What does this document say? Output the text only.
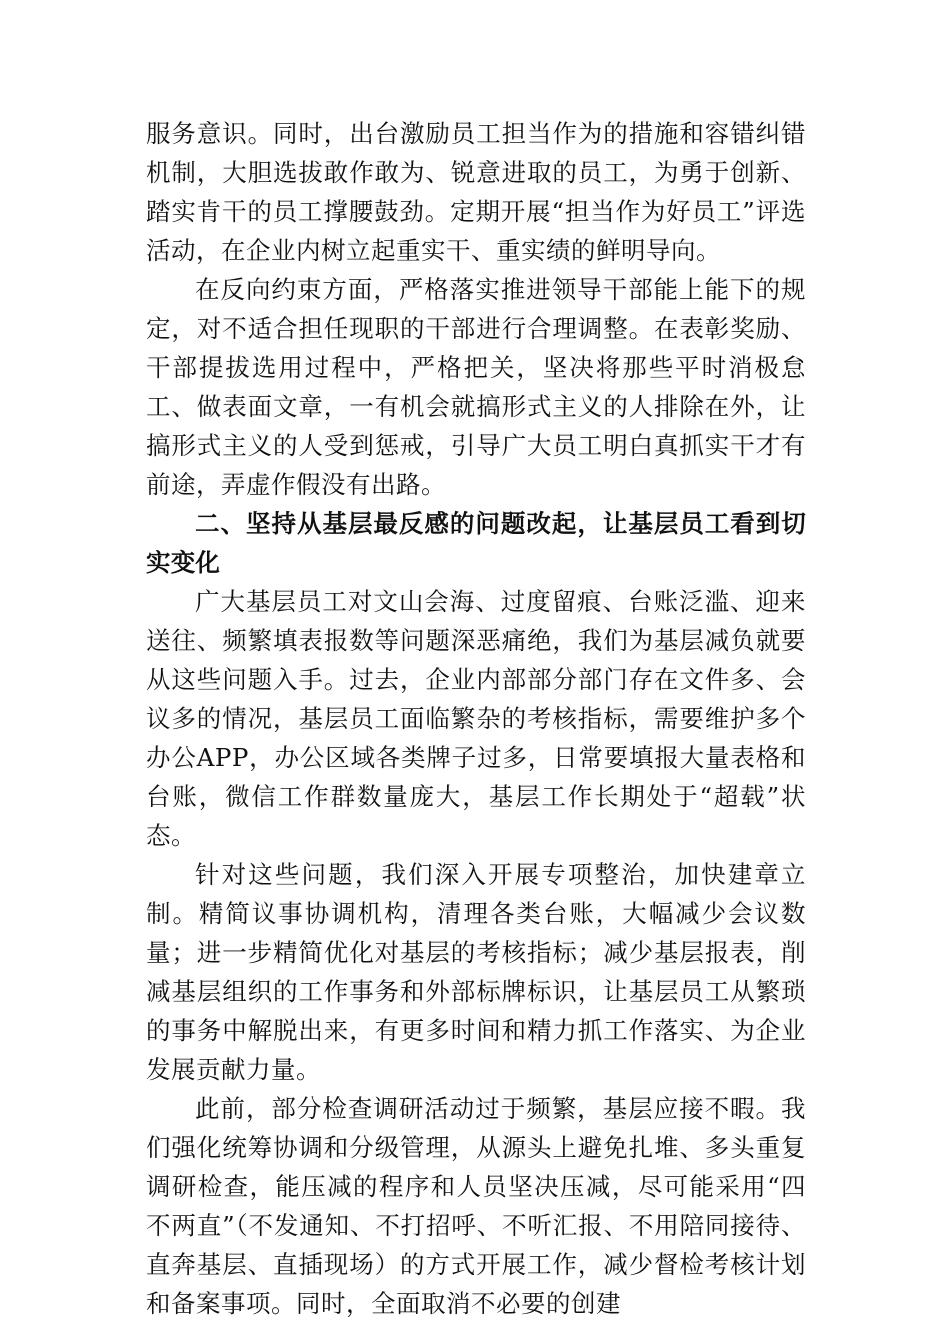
服务意识。同时，出台激励员工担当作为的措施和容错纠错机制，大胆选拔敢作敢为、锐意进取的员工，为勇于创新、踏实肯干的员工撑腰鼓劲。定期开展“担当作为好员工”评选活动，在企业内树立起重实干、重实绩的鲜明导向。

在反向约束方面，严格落实推进领导干部能上能下的规定，对不适合担任现职的干部进行合理调整。在表彰奖励、干部提拔选用过程中，严格把关，坚决将那些平时消极怠工、做表面文章，一有机会就搞形式主义的人排除在外，让搞形式主义的人受到惩戒，引导广大员工明白真抓实干才有前途，弄虚作假没有出路。

二、坚持从基层最反感的问题改起，让基层员工看到切实变化

广大基层员工对文山会海、过度留痕、台账泛滥、迎来送往、频繁填表报数等问题深恶痛绝，我们为基层减负就要从这些问题入手。过去，企业内部部分部门存在文件多、会议多的情况，基层员工面临繁杂的考核指标，需要维护多个办公APP，办公区域各类牌子过多，日常要填报大量表格和台账，微信工作群数量庞大，基层工作长期处于“超载”状态。

针对这些问题，我们深入开展专项整治，加快建章立制。精简议事协调机构，清理各类台账，大幅减少会议数量；进一步精简优化对基层的考核指标；减少基层报表，削减基层组织的工作事务和外部标牌标识，让基层员工从繁琐的事务中解脱出来，有更多时间和精力抓工作落实、为企业发展贡献力量。

此前，部分检查调研活动过于频繁，基层应接不暇。我们强化统筹协调和分级管理，从源头上避免扎堆、多头重复调研检查，能压减的程序和人员坚决压减，尽可能采用“四不两直”（不发通知、不打招呼、不听汇报、不用陪同接待、直奔基层、直插现场）的方式开展工作，减少督检考核计划和备案事项。同时，全面取消不必要的创建
